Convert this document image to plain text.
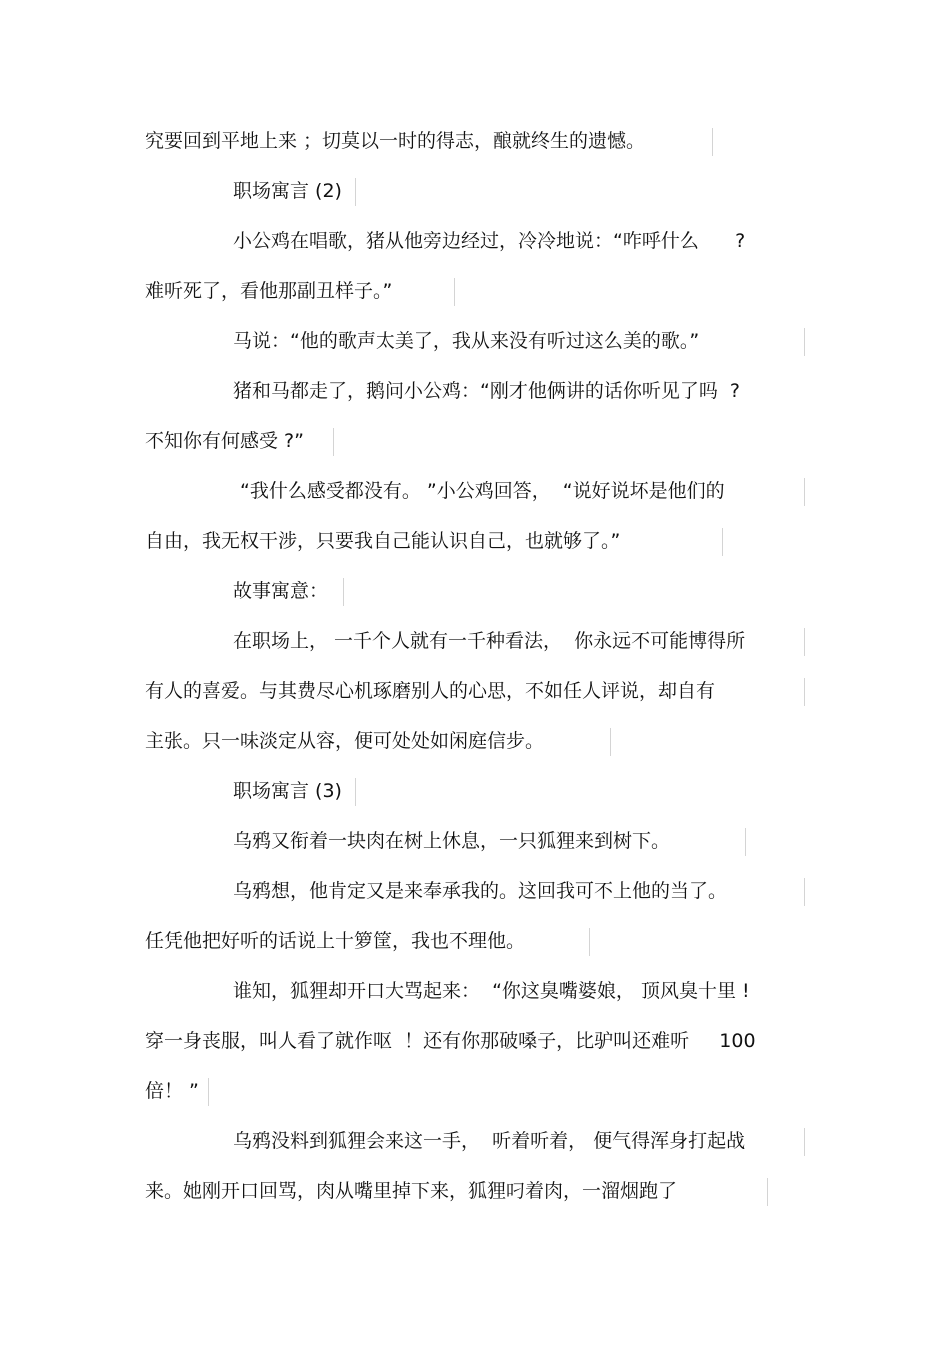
究要回到平地上来 ；切莫以一时的得志，酿就终生的遗憾。
职场寓言 (2)
小公鸡在唱歌，猪从他旁边经过，冷冷地说：“咋呼什么      ?
难听死了，看他那副丑样子。”
马说：“他的歌声太美了，我从来没有听过这么美的歌。”
猪和马都走了，鹅问小公鸡：“刚才他俩讲的话你听见了吗  ?
不知你有何感受 ?”
“我什么感受都没有。 ”小公鸡回答，  “说好说坏是他们的
自由，我无权干涉，只要我自己能认识自己，也就够了。”
故事寓意：
在职场上， 一千个人就有一千种看法，  你永远不可能博得所
有人的喜爱。与其费尽心机琢磨别人的心思，不如任人评说，却自有
主张。只一味淡定从容，便可处处如闲庭信步。
职场寓言 (3)
乌鸦又衔着一块肉在树上休息，一只狐狸来到树下。
乌鸦想，他肯定又是来奉承我的。这回我可不上他的当了。
任凭他把好听的话说上十箩筐，我也不理他。
谁知，狐狸却开口大骂起来：  “你这臭嘴婆娘， 顶风臭十里 !
穿一身丧服，叫人看了就作呕  ！还有你那破嗓子，比驴叫还难听     100
倍！ ”
乌鸦没料到狐狸会来这一手，  听着听着， 便气得浑身打起战
来。她刚开口回骂，肉从嘴里掉下来，狐狸叼着肉，一溜烟跑了
